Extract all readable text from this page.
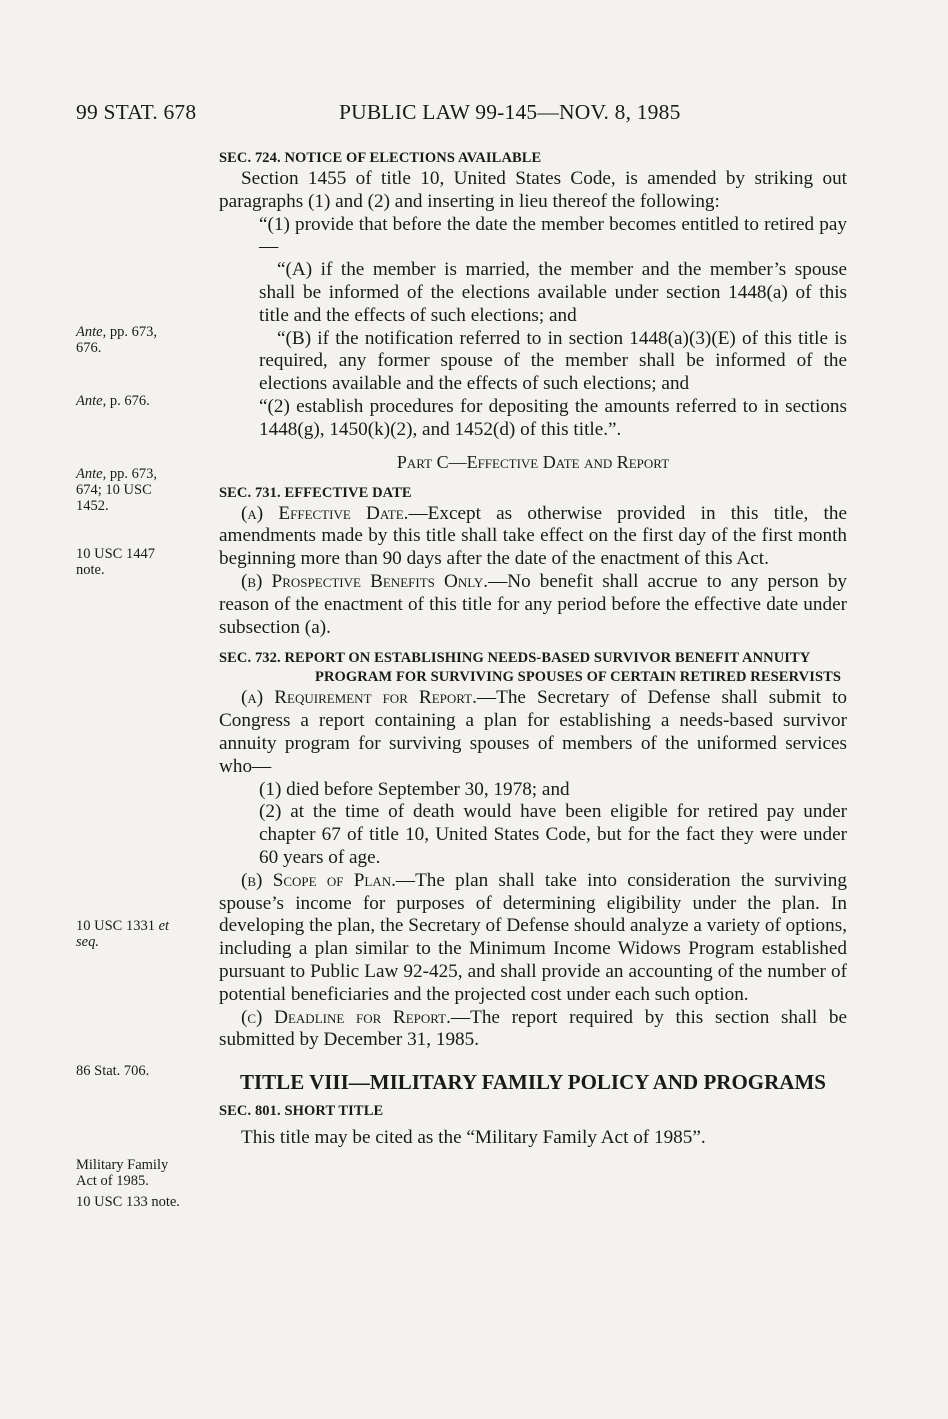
99 STAT. 678	PUBLIC LAW 99-145—NOV. 8, 1985
Ante, pp. 673,
676.
Ante, p. 676.
Ante, pp. 673,
674; 10 USC
1452.
10 USC 1447
note.
10 USC 1331 et
seq.
86 Stat. 706.
Military Family
Act of 1985.
10 USC 133 note.
SEC. 724. NOTICE OF ELECTIONS AVAILABLE

Section 1455 of title 10, United States Code, is amended by striking out paragraphs (1) and (2) and inserting in lieu thereof the following:

“(1) provide that before the date the member becomes entitled to retired pay—

“(A) if the member is married, the member and the member’s spouse shall be informed of the elections available under section 1448(a) of this title and the effects of such elections; and

“(B) if the notification referred to in section 1448(a)(3)(E) of this title is required, any former spouse of the member shall be informed of the elections available and the effects of such elections; and

“(2) establish procedures for depositing the amounts referred to in sections 1448(g), 1450(k)(2), and 1452(d) of this title.”.

Part C—Effective Date and Report
SEC. 731. EFFECTIVE DATE

(a) Effective Date.—Except as otherwise provided in this title, the amendments made by this title shall take effect on the first day of the first month beginning more than 90 days after the date of the enactment of this Act.

(b) Prospective Benefits Only.—No benefit shall accrue to any person by reason of the enactment of this title for any period before the effective date under subsection (a).

SEC. 732. REPORT ON ESTABLISHING NEEDS-BASED SURVIVOR BENEFIT ANNUITY PROGRAM FOR SURVIVING SPOUSES OF CERTAIN RETIRED RESERVISTS

(a) Requirement for Report.—The Secretary of Defense shall submit to Congress a report containing a plan for establishing a needs-based survivor annuity program for surviving spouses of members of the uniformed services who—

(1) died before September 30, 1978; and

(2) at the time of death would have been eligible for retired pay under chapter 67 of title 10, United States Code, but for the fact they were under 60 years of age.

(b) Scope of Plan.—The plan shall take into consideration the surviving spouse’s income for purposes of determining eligibility under the plan. In developing the plan, the Secretary of Defense should analyze a variety of options, including a plan similar to the Minimum Income Widows Program established pursuant to Public Law 92-425, and shall provide an accounting of the number of potential beneficiaries and the projected cost under each such option.

(c) Deadline for Report.—The report required by this section shall be submitted by December 31, 1985.

TITLE VIII—MILITARY FAMILY POLICY AND PROGRAMS
SEC. 801. SHORT TITLE

This title may be cited as the “Military Family Act of 1985”.
